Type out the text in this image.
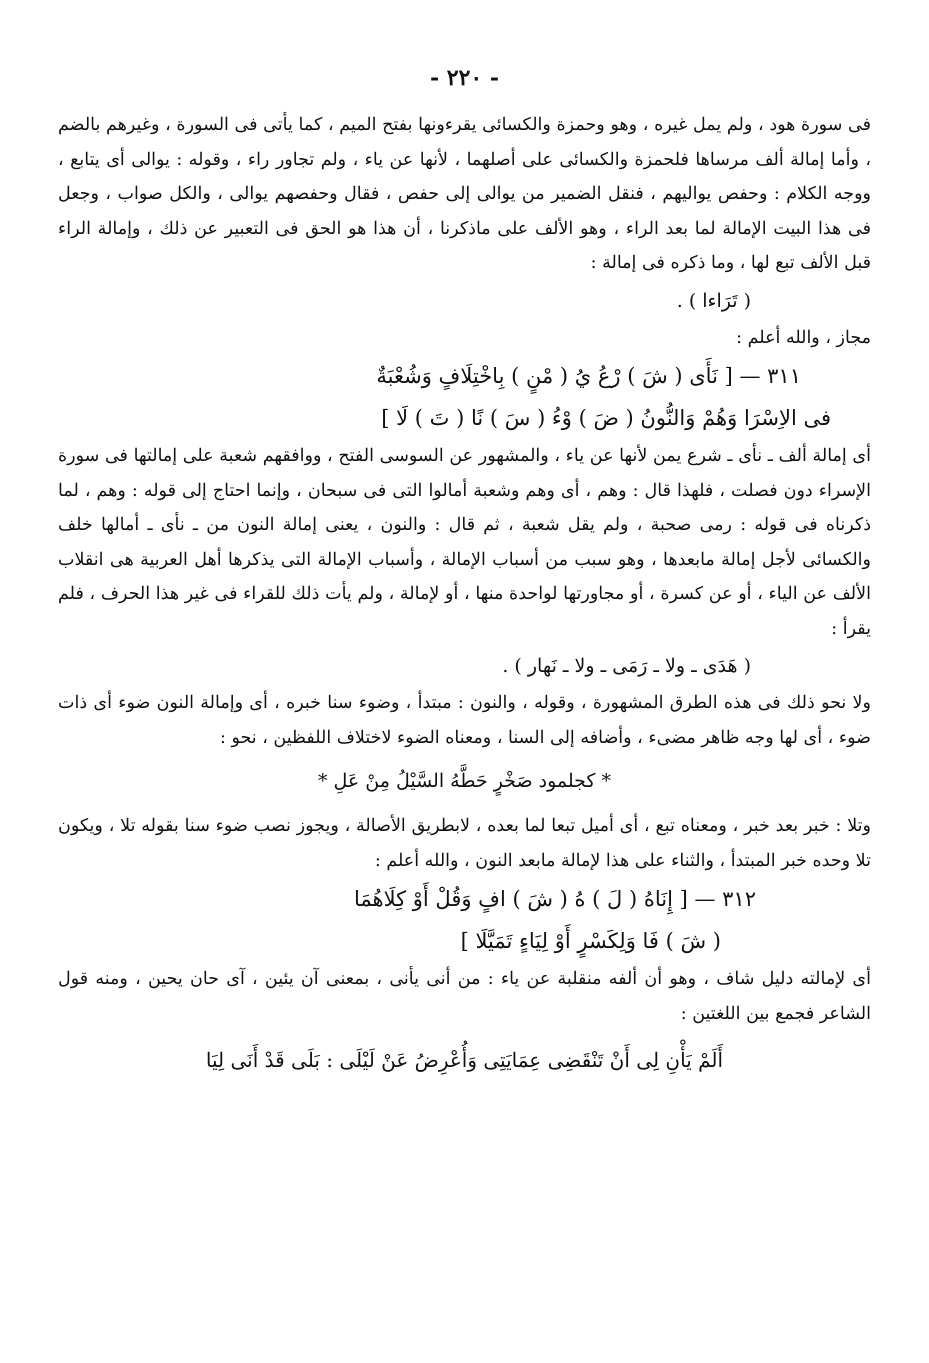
- ٢٢٠ -

فى سورة هود ، ولم يمل غيره ، وهو وحمزة والكسائى يقرءونها بفتح الميم ، كما يأتى فى السورة ، وغيرهم بالضم ، وأما إمالة ألف مرساها فلحمزة والكسائى على أصلهما ، لأنها عن ياء ، ولم تجاور راء ، وقوله : يوالى أى يتابع ، ووجه الكلام : وحفص يواليهم ، فنقل الضمير من يوالى إلى حفص ، فقال وحفصهم يوالى ، والكل صواب ، وجعل فى هذا البيت الإمالة لما بعد الراء ، وهو الألف على ماذكرنا ، أن هذا هو الحق فى التعبير عن ذلك ، وإمالة الراء قبل الألف تبع لها ، وما ذكره فى إمالة :

( تَرَاءا ) .

مجاز ، والله أعلم :

٣١١ — [ نَأَى ( شَ ) رْعُ يُ ( مْنٍ ) بِاخْتِلَافٍ وَشُعْبَةٌ
فى الاِسْرَا وَهُمْ وَالنُّونُ ( ضَ ) وْءُ ( سَ ) نًا ( تَ ) لَا ]

أى إمالة ألف ـ نأى ـ شرع يمن لأنها عن ياء ، والمشهور عن السوسى الفتح ، ووافقهم شعبة على إمالتها فى سورة الإسراء دون فصلت ، فلهذا قال : وهم ، أى وهم وشعبة أمالوا التى فى سبحان ، وإنما احتاج إلى قوله : وهم ، لما ذكرناه فى قوله : رمى صحبة ، ولم يقل شعبة ، ثم قال : والنون ، يعنى إمالة النون من ـ نأى ـ أمالها خلف والكسائى لأجل إمالة مابعدها ، وهو سبب من أسباب الإمالة ، وأسباب الإمالة التى يذكرها أهل العربية هى انقلاب الألف عن الياء ، أو عن كسرة ، أو مجاورتها لواحدة منها ، أو لإمالة ، ولم يأت ذلك للقراء فى غير هذا الحرف ، فلم يقرأ :

( هَدَى ـ ولا ـ رَمَى ـ ولا ـ نَهار ) .

ولا نحو ذلك فى هذه الطرق المشهورة ، وقوله ، والنون : مبتدأ ، وضوء سنا خبره ، أى وإمالة النون ضوء أى ذات ضوء ، أى لها وجه ظاهر مضىء ، وأضافه إلى السنا ، ومعناه الضوء لاختلاف اللفظين ، نحو :

* كجلمود صَخْرٍ حَطَّهُ السَّيْلُ مِنْ عَلِ *

وتلا : خبر بعد خبر ، ومعناه تبع ، أى أميل تبعا لما بعده ، لابطريق الأصالة ، ويجوز نصب ضوء سنا بقوله تلا ، ويكون تلا وحده خبر المبتدأ ، والثناء على هذا لإمالة مابعد النون ، والله أعلم :

٣١٢ — [ إِنَاهُ ( لَ ) هُ ( شَ ) افٍ وَقُلْ أَوْ كِلَاهُمَا
( شَ ) فَا وَلِكَسْرٍ أَوْ لِيَاءٍ تَمَيَّلَا ]

أى لإمالته دليل شاف ، وهو أن ألفه منقلبة عن ياء : من أنى يأنى ، بمعنى آن يئين ، آى حان يحين ، ومنه قول الشاعر فجمع بين اللغتين :

أَلَمْ يَأْنِ لِى أَنْ تَنْقَضِى عِمَايَتِى وَأُعْرِضُ عَنْ لَيْلَى : بَلَى قَدْ أَنَى لِيَا
